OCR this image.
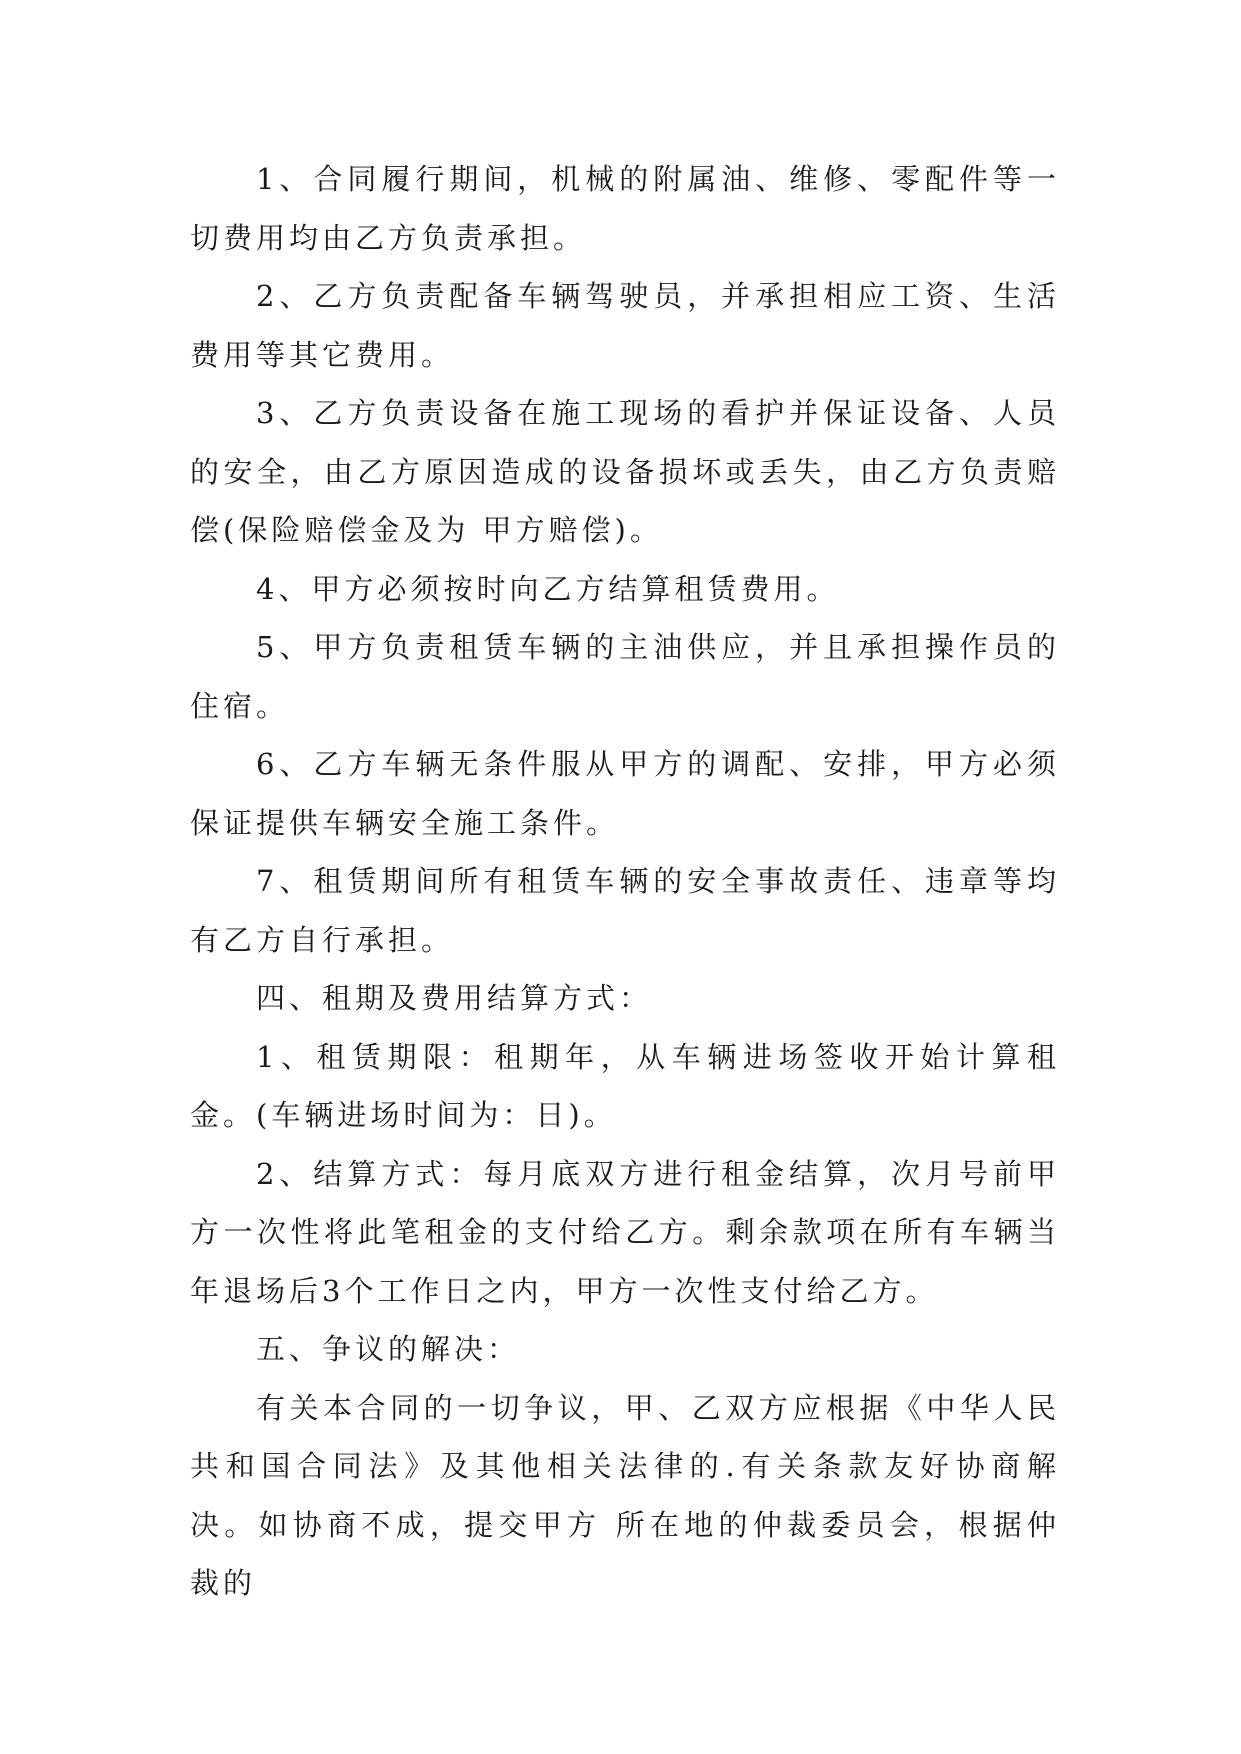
1、合同履行期间，机械的附属油、维修、零配件等一切费用均由乙方负责承担。

2、乙方负责配备车辆驾驶员，并承担相应工资、生活费用等其它费用。

3、乙方负责设备在施工现场的看护并保证设备、人员的安全，由乙方原因造成的设备损坏或丢失，由乙方负责赔偿(保险赔偿金及为 甲方赔偿)。

4、甲方必须按时向乙方结算租赁费用。

5、甲方负责租赁车辆的主油供应，并且承担操作员的住宿。

6、乙方车辆无条件服从甲方的调配、安排，甲方必须保证提供车辆安全施工条件。

7、租赁期间所有租赁车辆的安全事故责任、违章等均有乙方自行承担。

四、租期及费用结算方式：

1、租赁期限：租期年，从车辆进场签收开始计算租金。(车辆进场时间为：日)。

2、结算方式：每月底双方进行租金结算，次月号前甲方一次性将此笔租金的支付给乙方。剩余款项在所有车辆当年退场后3个工作日之内，甲方一次性支付给乙方。

五、争议的解决：

有关本合同的一切争议，甲、乙双方应根据《中华人民共和国合同法》及其他相关法律的.有关条款友好协商解决。如协商不成，提交甲方 所在地的仲裁委员会，根据仲裁的
